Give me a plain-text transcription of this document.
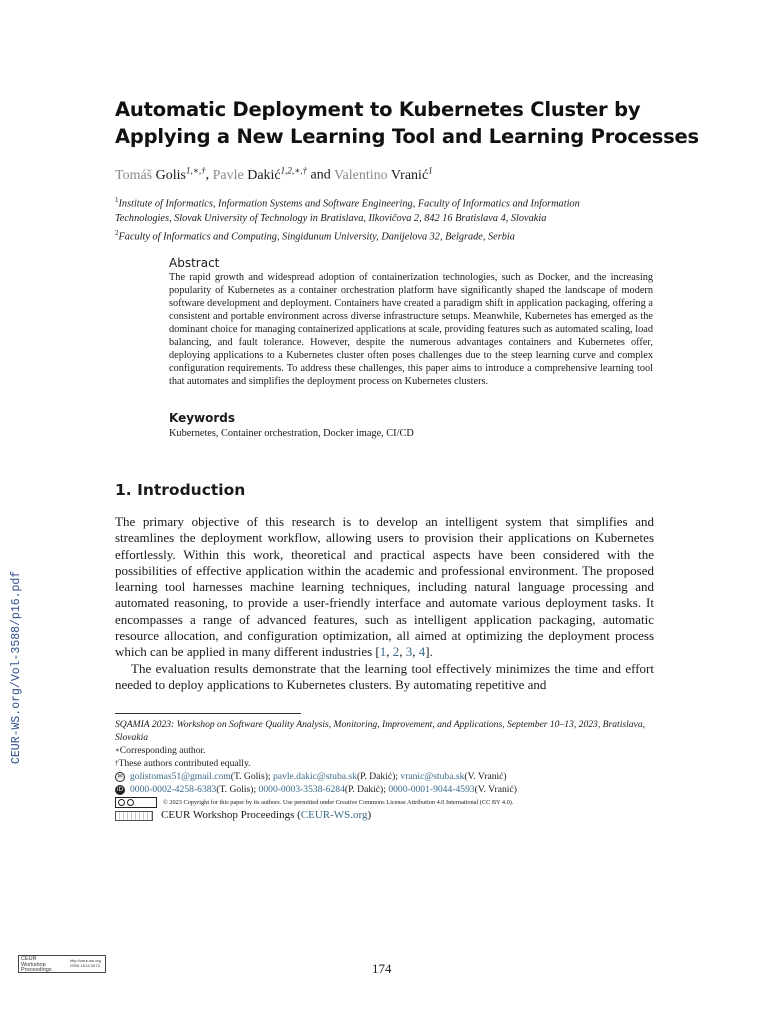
Automatic Deployment to Kubernetes Cluster by
Applying a New Learning Tool and Learning Processes
Tomáš Golis$^{1,∗,\dagger}$, Pavle Dakić$^{1,2,∗,\dagger}$ and Valentino Vranić$^1$
$^1$Institute of Informatics, Information Systems and Software Engineering, Faculty of Informatics and Information
Technologies, Slovak University of Technology in Bratislava, Ilkovičova 2, 842 16 Bratislava 4, Slovakia
$^2$Faculty of Informatics and Computing, Singidunum University, Danijelova 32, Belgrade, Serbia
Abstract
The rapid growth and widespread adoption of containerization technologies, such as Docker, and the increasing popularity of Kubernetes as a container orchestration platform have significantly shaped the landscape of modern software development and deployment. Containers have created a paradigm shift in application packaging, offering a consistent and portable environment across diverse infrastructure setups. Meanwhile, Kubernetes has emerged as the dominant choice for managing containerized applications at scale, providing features such as automated scaling, load balancing, and fault tolerance. However, despite the numerous advantages containers and Kubernetes offer, deploying applications to a Kubernetes cluster often poses challenges due to the steep learning curve and complex configuration requirements. To address these challenges, this paper aims to introduce a comprehensive learning tool that automates and simplifies the deployment process on Kubernetes clusters.
Keywords
Kubernetes, Container orchestration, Docker image, CI/CD
1. Introduction

The primary objective of this research is to develop an intelligent system that simplifies and streamlines the deployment workflow, allowing users to provision their applications on Kubernetes effortlessly. Within this work, theoretical and practical aspects have been considered with the possibilities of effective application within the academic and professional environment. The proposed learning tool harnesses machine learning techniques, including natural language processing and automated reasoning, to provide a user-friendly interface and automate various deployment tasks. It encompasses a range of advanced features, such as intelligent application packaging, automatic resource allocation, and configuration optimization, all aimed at optimizing the deployment process which can be applied in many different industries [1, 2, 3, 4].

The evaluation results demonstrate that the learning tool effectively minimizes the time and effort needed to deploy applications to Kubernetes clusters. By automating repetitive and

SQAMIA 2023: Workshop on Software Quality Analysis, Monitoring, Improvement, and Applications, September 10–13, 2023, Bratislava, Slovakia
∗ Corresponding author.
† These authors contributed equally.
✉ golistomas51@gmail.com (T. Golis);
pavle.dakic@stuba.sk (P. Dakić);
vranic@stuba.sk (V. Vranić)
iD 0000-0002-4258-6383 (T. Golis);
0000-0003-3538-6284 (P. Dakić);
0000-0001-9044-4593 (V. Vranić)
© 2023 Copyright for this paper by its authors. Use permitted under Creative Commons License Attribution 4.0 International (CC BY 4.0).
CEUR Workshop Proceedings ( CEUR-WS.org )
CEUR-WS.org/Vol-3588/p16.pdf
CEUR
Workshop
Proceedings
http://ceur-ws.org
ISSN 1613-0073	174
